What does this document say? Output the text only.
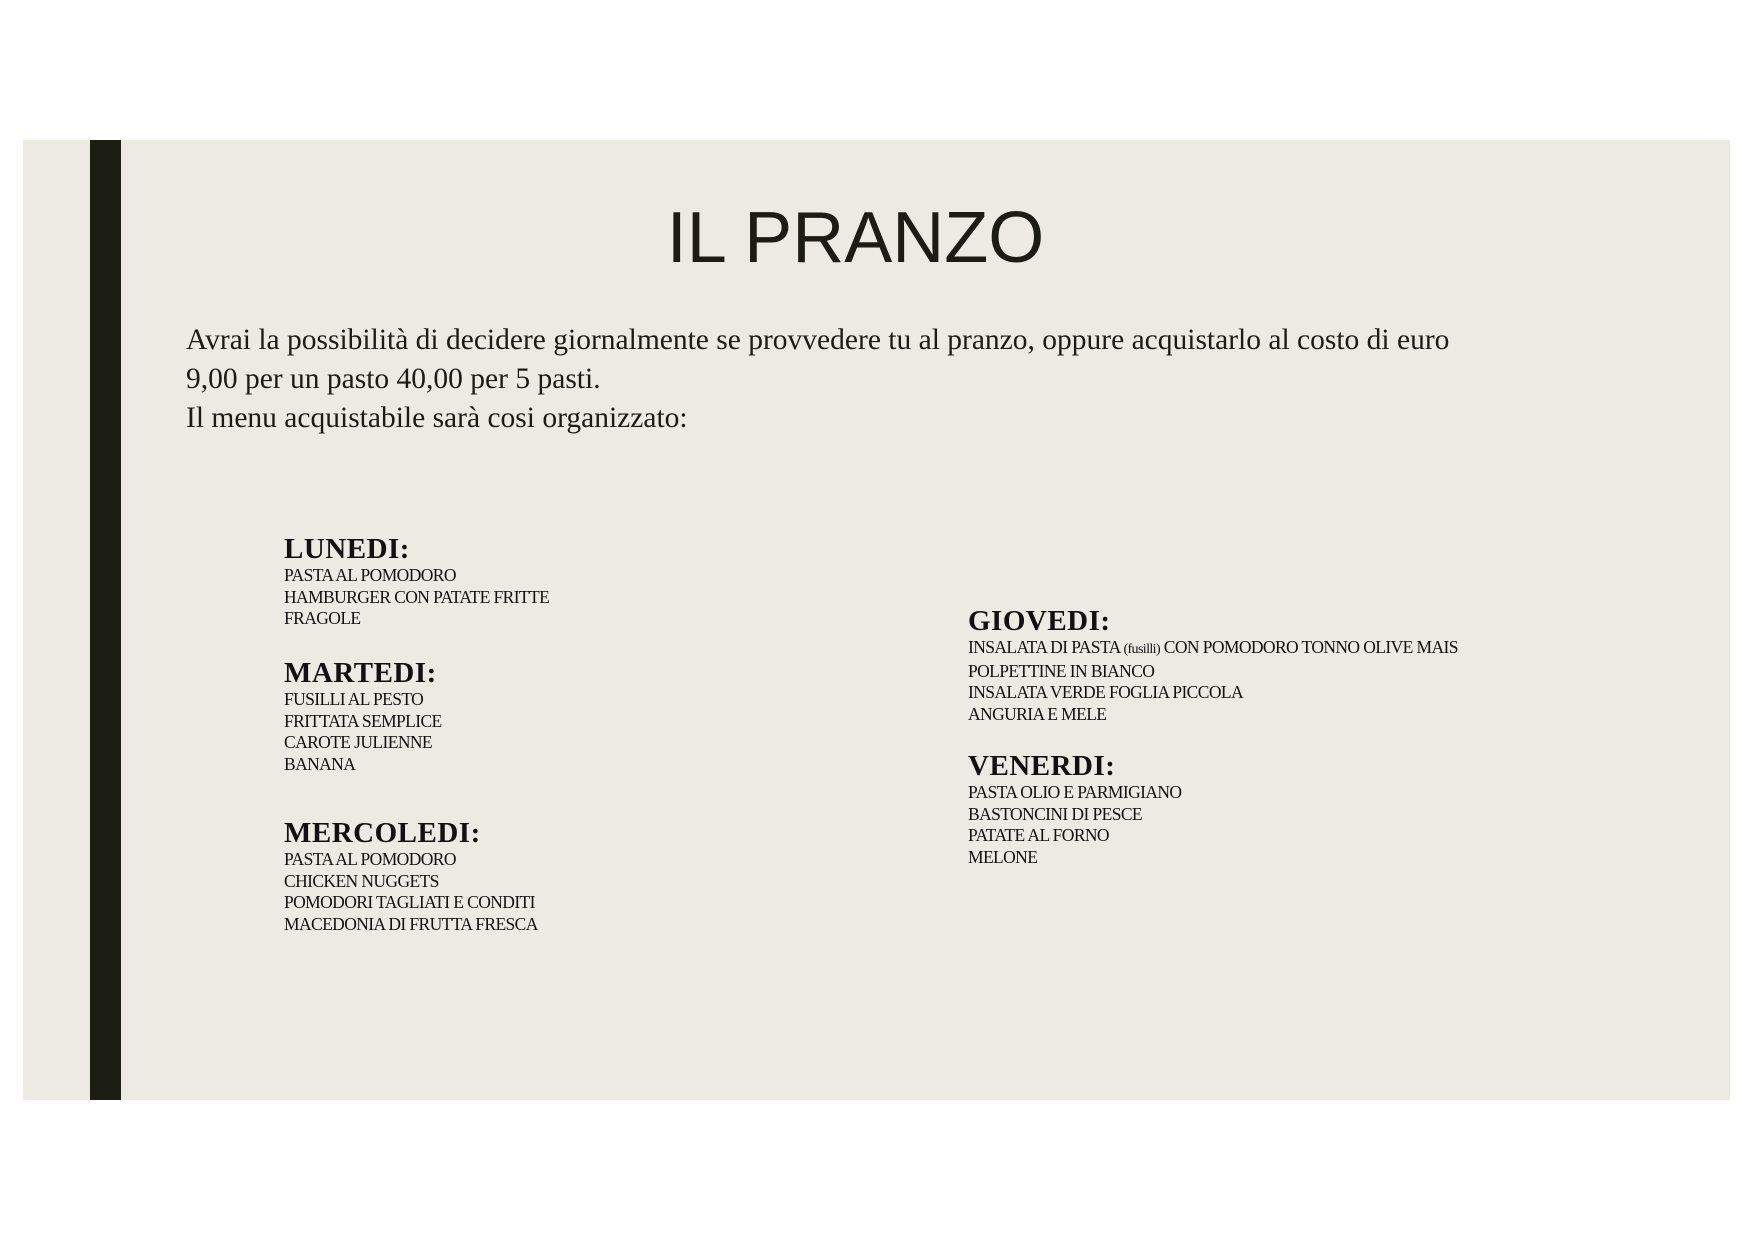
IL PRANZO
Avrai la possibilità di decidere giornalmente se provvedere tu al pranzo, oppure acquistarlo al costo di euro
9,00 per un pasto 40,00 per 5 pasti.
Il menu acquistabile sarà cosi organizzato:

LUNEDI:

PASTA AL POMODORO
HAMBURGER CON PATATE FRITTE
FRAGOLE

MARTEDI:

FUSILLI AL PESTO
FRITTATA SEMPLICE
CAROTE JULIENNE
BANANA

MERCOLEDI:

PASTA AL POMODORO
CHICKEN NUGGETS
POMODORI TAGLIATI E CONDITI
MACEDONIA DI FRUTTA FRESCA

GIOVEDI:

INSALATA DI PASTA (fusilli) CON POMODORO TONNO OLIVE MAIS
POLPETTINE IN BIANCO
INSALATA VERDE FOGLIA PICCOLA
ANGURIA E MELE

VENERDI:

PASTA OLIO E PARMIGIANO
BASTONCINI DI PESCE
PATATE AL FORNO
MELONE
